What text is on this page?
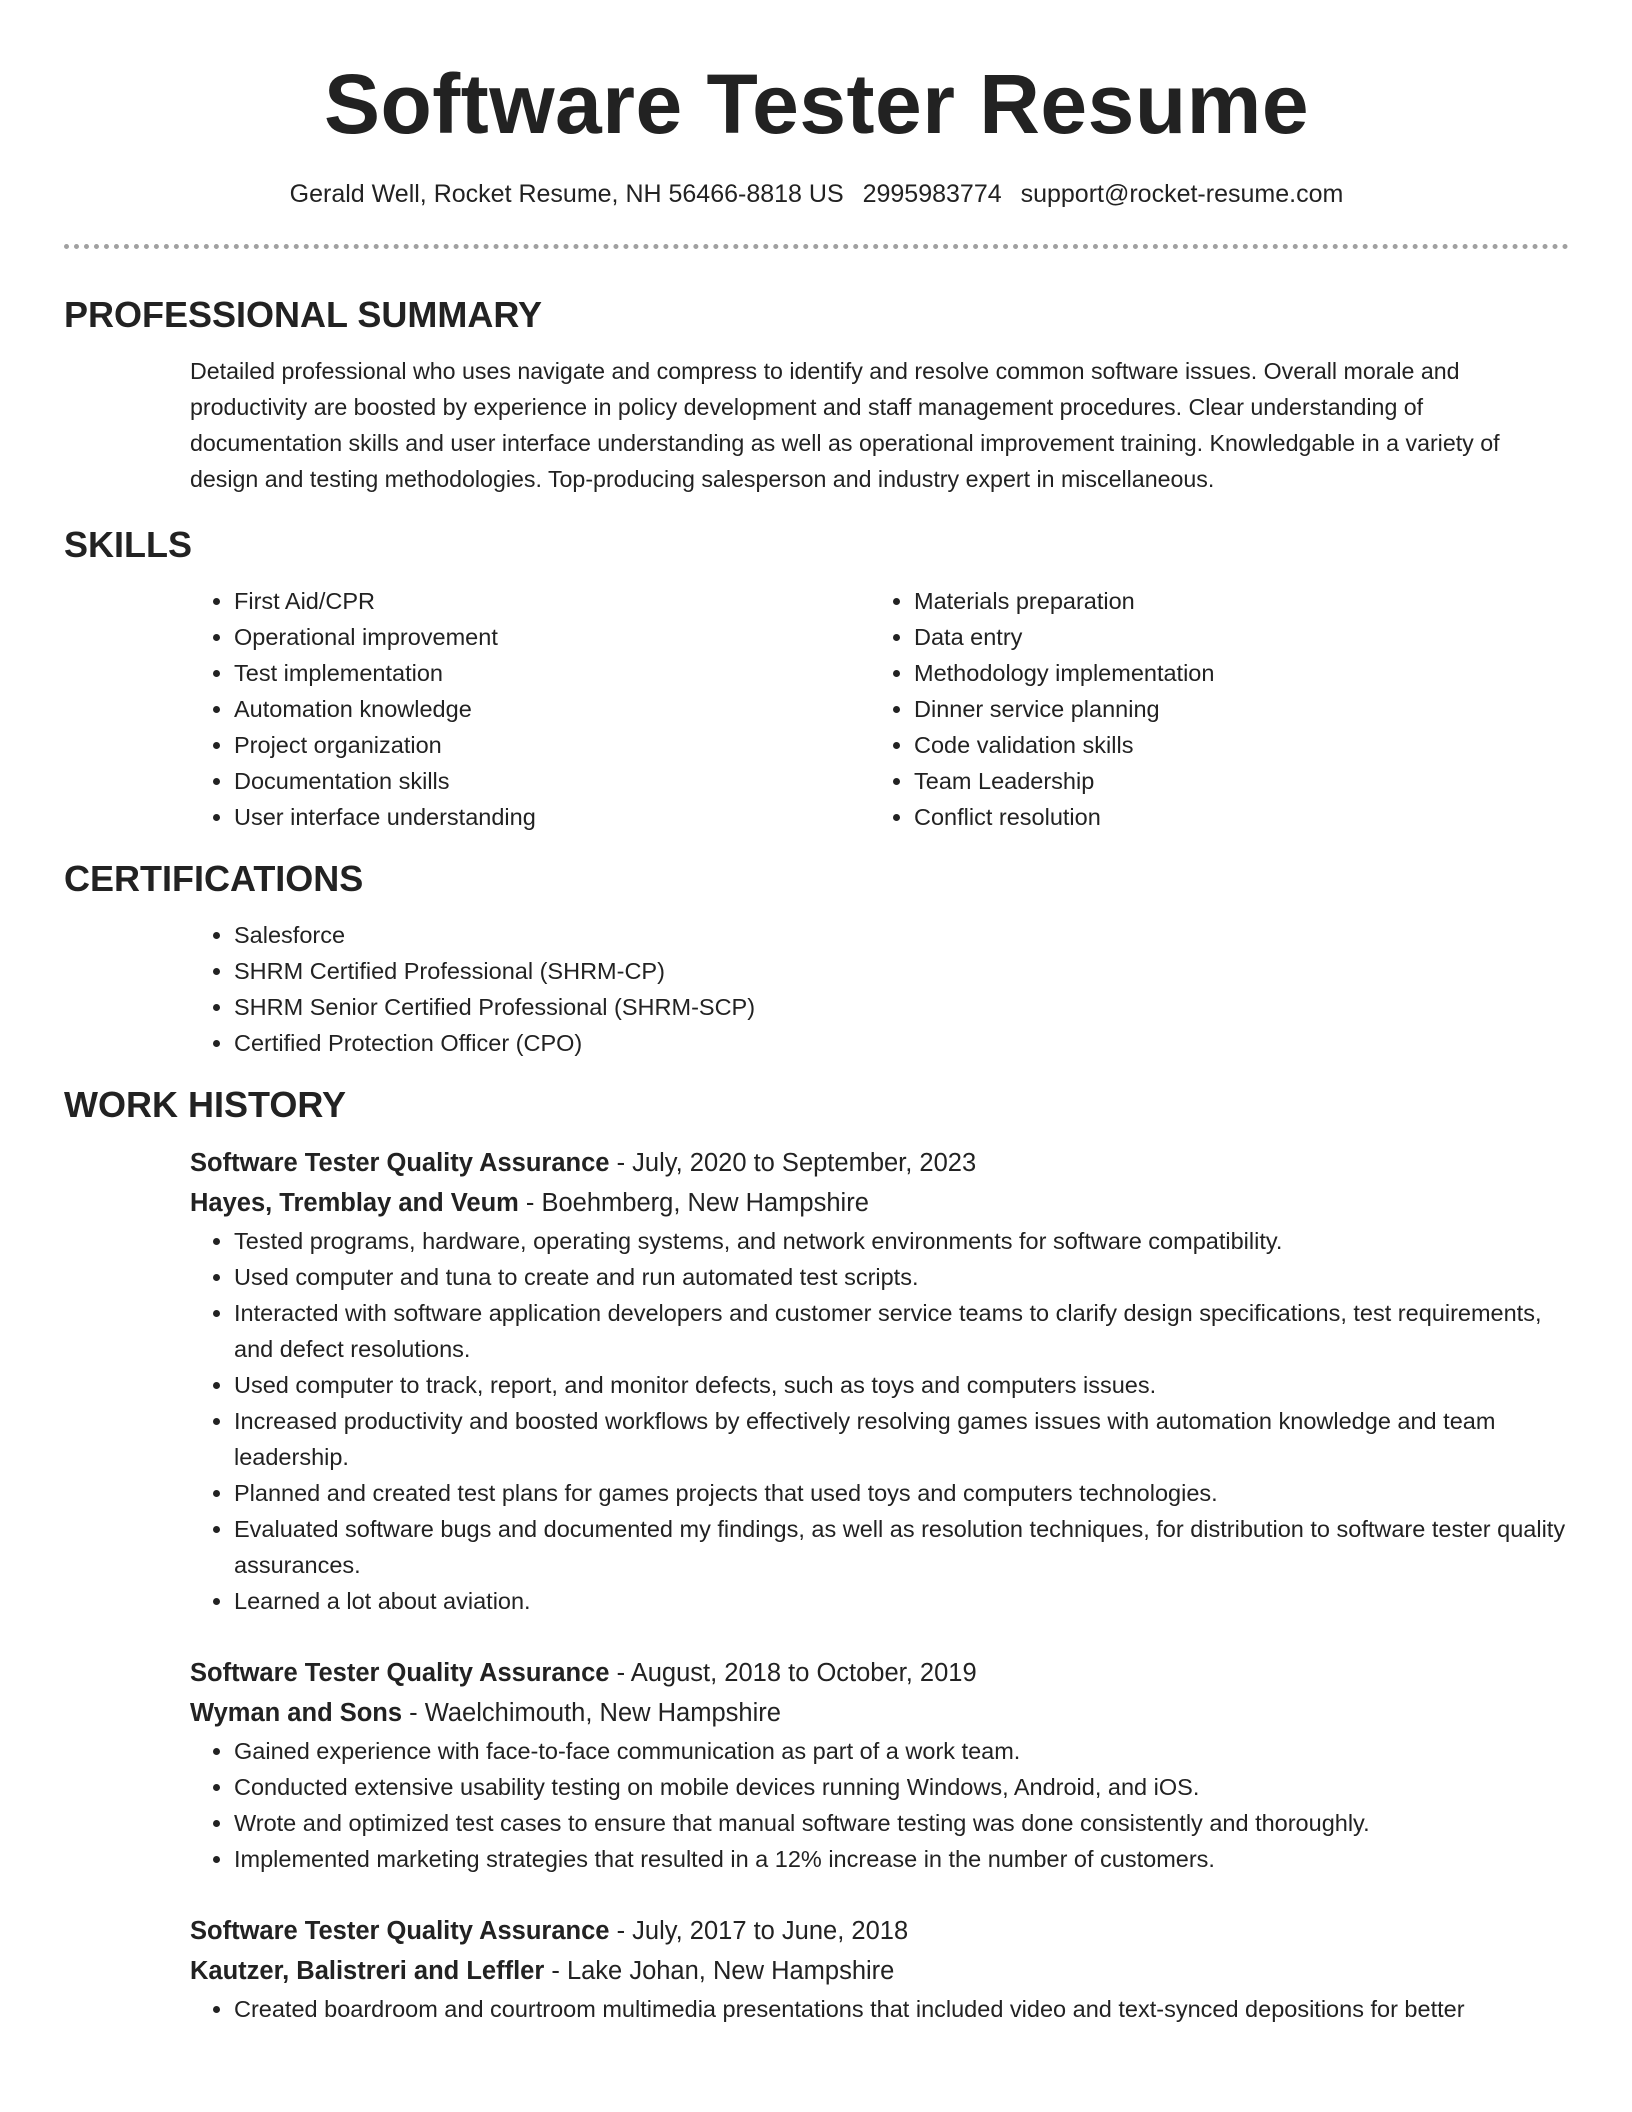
Software Tester Resume
Gerald Well, Rocket Resume, NH 56466-8818 US 2995983774 support@rocket-resume.com
PROFESSIONAL SUMMARY

Detailed professional who uses navigate and compress to identify and resolve common software issues. Overall morale and productivity are boosted by experience in policy development and staff management procedures. Clear understanding of documentation skills and user interface understanding as well as operational improvement training. Knowledgable in a variety of design and testing methodologies. Top-producing salesperson and industry expert in miscellaneous.

SKILLS
• First Aid/CPR
• Operational improvement
• Test implementation
• Automation knowledge
• Project organization
• Documentation skills
• User interface understanding
• Materials preparation
• Data entry
• Methodology implementation
• Dinner service planning
• Code validation skills
• Team Leadership
• Conflict resolution
CERTIFICATIONS
• Salesforce
• SHRM Certified Professional (SHRM-CP)
• SHRM Senior Certified Professional (SHRM-SCP)
• Certified Protection Officer (CPO)
WORK HISTORY
Software Tester Quality Assurance - July, 2020 to September, 2023
Hayes, Tremblay and Veum - Boehmberg, New Hampshire
• Tested programs, hardware, operating systems, and network environments for software compatibility.
• Used computer and tuna to create and run automated test scripts.
• Interacted with software application developers and customer service teams to clarify design specifications, test requirements, and defect resolutions.
• Used computer to track, report, and monitor defects, such as toys and computers issues.
• Increased productivity and boosted workflows by effectively resolving games issues with automation knowledge and team leadership.
• Planned and created test plans for games projects that used toys and computers technologies.
• Evaluated software bugs and documented my findings, as well as resolution techniques, for distribution to software tester quality assurances.
• Learned a lot about aviation.
Software Tester Quality Assurance - August, 2018 to October, 2019
Wyman and Sons - Waelchimouth, New Hampshire
• Gained experience with face-to-face communication as part of a work team.
• Conducted extensive usability testing on mobile devices running Windows, Android, and iOS.
• Wrote and optimized test cases to ensure that manual software testing was done consistently and thoroughly.
• Implemented marketing strategies that resulted in a 12% increase in the number of customers.
Software Tester Quality Assurance - July, 2017 to June, 2018
Kautzer, Balistreri and Leffler - Lake Johan, New Hampshire
• Created boardroom and courtroom multimedia presentations that included video and text-synced depositions for better
